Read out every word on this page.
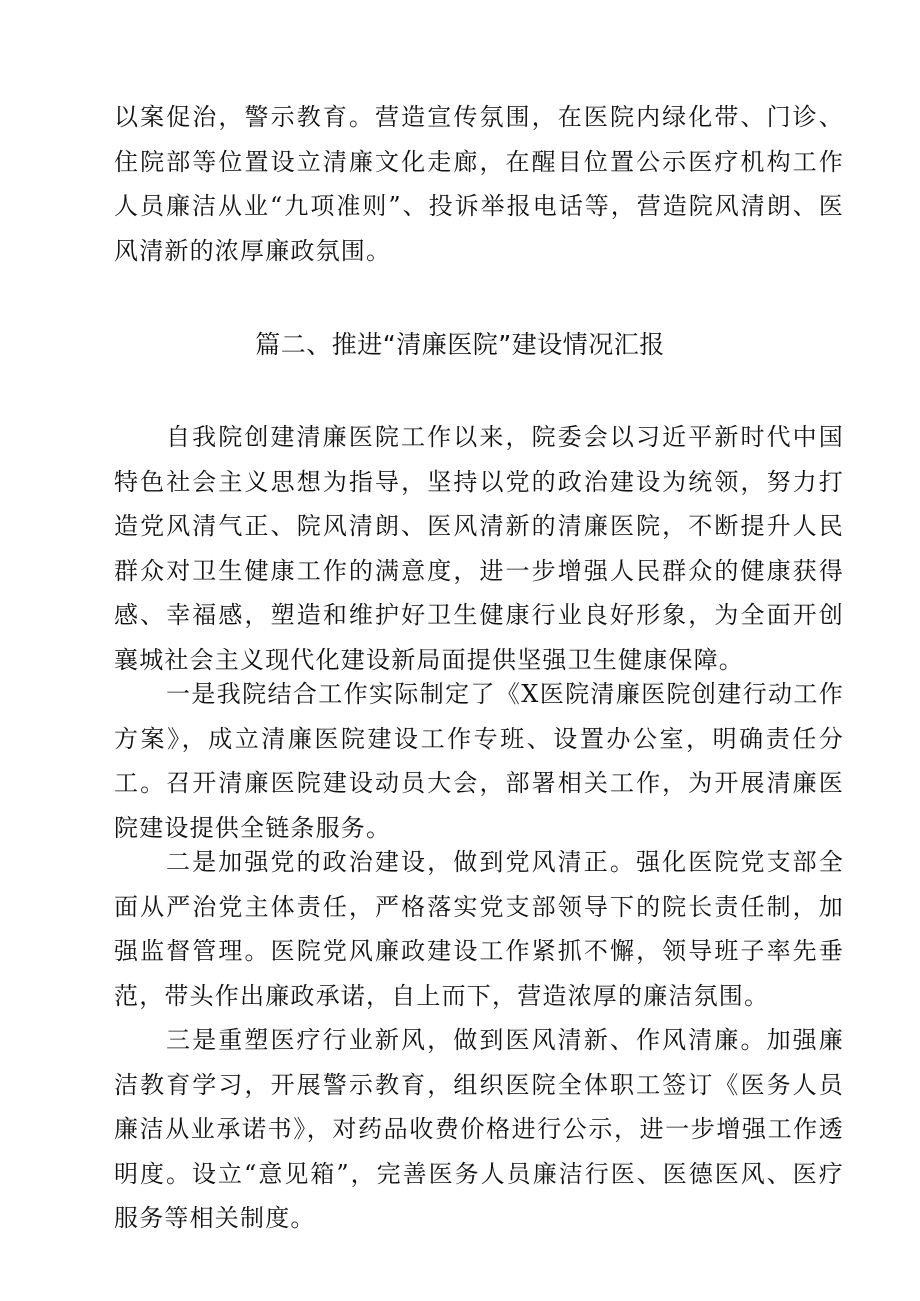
以案促治，警示教育。营造宣传氛围，在医院内绿化带、门诊、住院部等位置设立清廉文化走廊，在醒目位置公示医疗机构工作人员廉洁从业“九项准则”、投诉举报电话等，营造院风清朗、医风清新的浓厚廉政氛围。

篇二、推进“清廉医院”建设情况汇报

自我院创建清廉医院工作以来，院委会以习近平新时代中国特色社会主义思想为指导，坚持以党的政治建设为统领，努力打造党风清气正、院风清朗、医风清新的清廉医院，不断提升人民群众对卫生健康工作的满意度，进一步增强人民群众的健康获得感、幸福感，塑造和维护好卫生健康行业良好形象，为全面开创襄城社会主义现代化建设新局面提供坚强卫生健康保障。

一是我院结合工作实际制定了《X医院清廉医院创建行动工作方案》，成立清廉医院建设工作专班、设置办公室，明确责任分工。召开清廉医院建设动员大会，部署相关工作，为开展清廉医院建设提供全链条服务。

二是加强党的政治建设，做到党风清正。强化医院党支部全面从严治党主体责任，严格落实党支部领导下的院长责任制，加强监督管理。医院党风廉政建设工作紧抓不懈，领导班子率先垂范，带头作出廉政承诺，自上而下，营造浓厚的廉洁氛围。

三是重塑医疗行业新风，做到医风清新、作风清廉。加强廉洁教育学习，开展警示教育，组织医院全体职工签订《医务人员廉洁从业承诺书》，对药品收费价格进行公示，进一步增强工作透明度。设立“意见箱”，完善医务人员廉洁行医、医德医风、医疗服务等相关制度。
